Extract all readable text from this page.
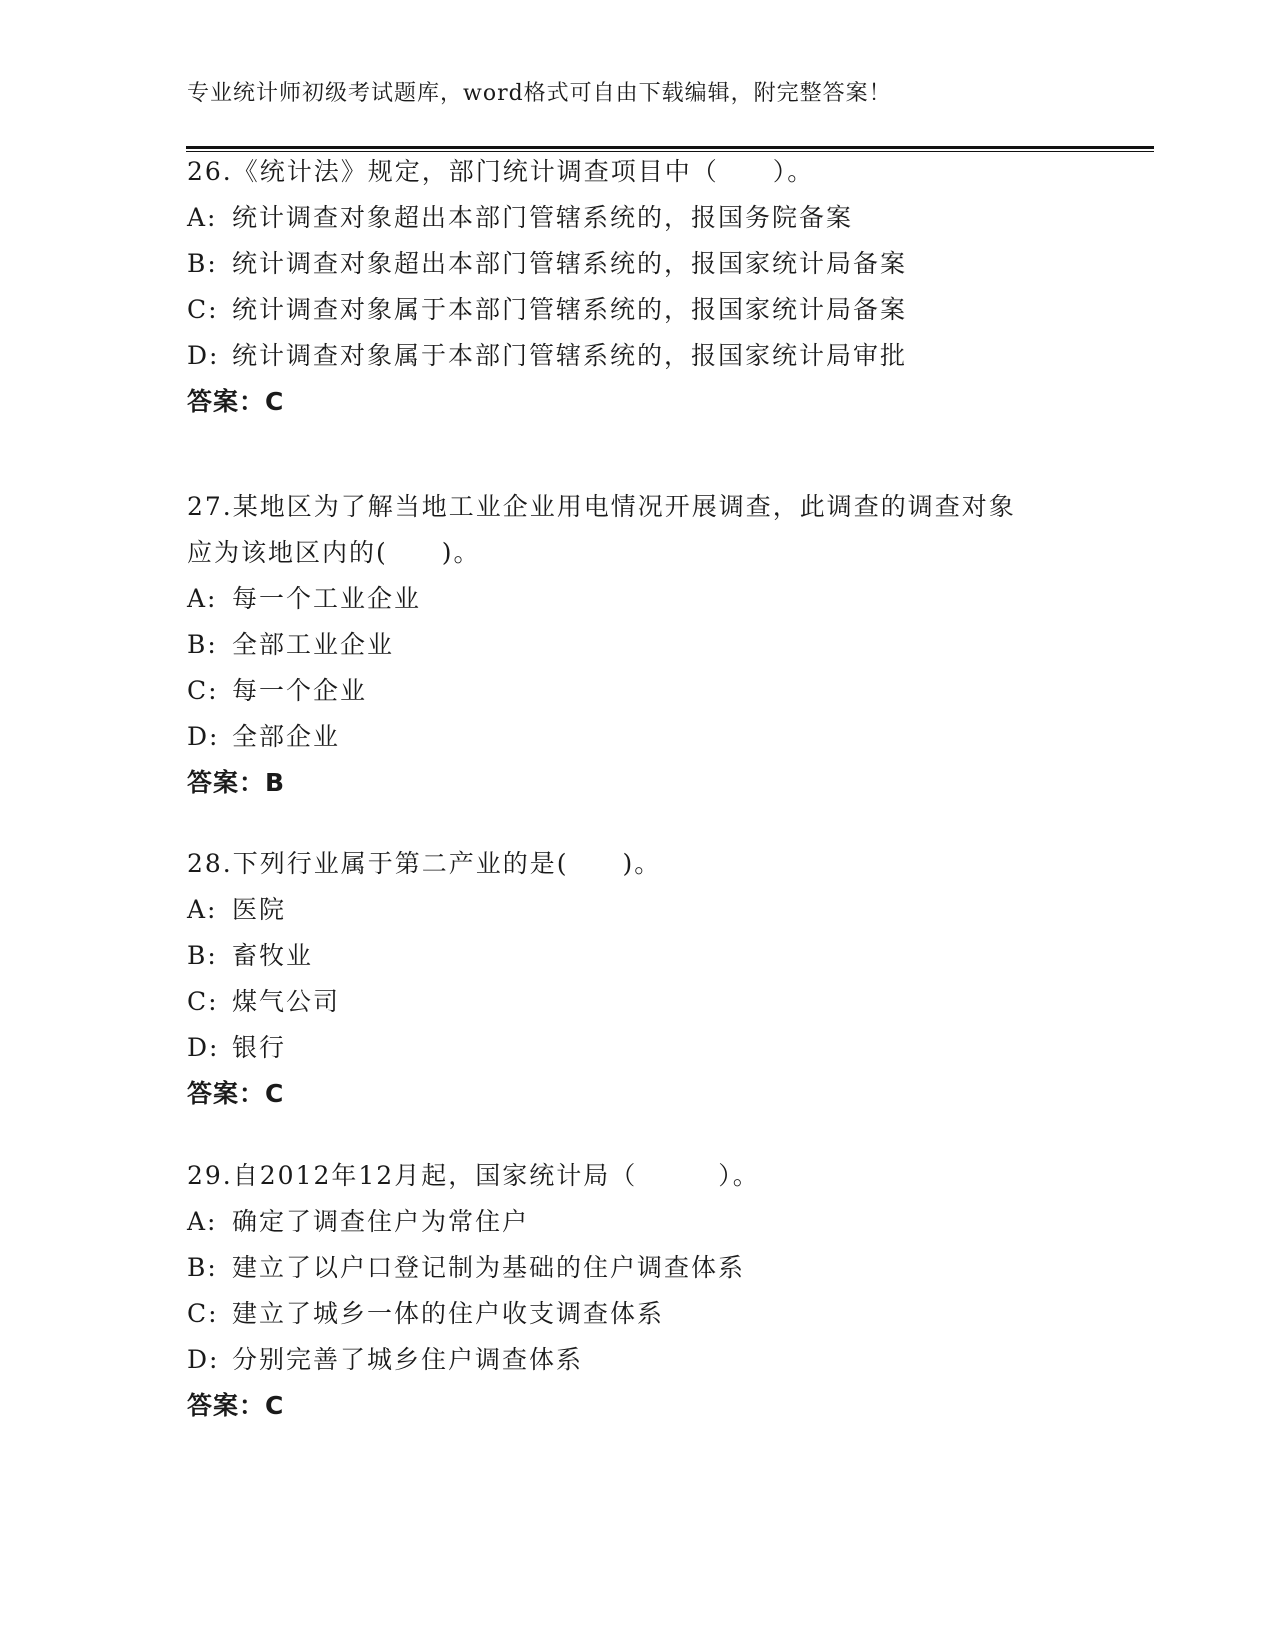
专业统计师初级考试题库，word格式可自由下载编辑，附完整答案！
26.《统计法》规定，部门统计调查项目中（　　）。
A: 统计调查对象超出本部门管辖系统的，报国务院备案
B: 统计调查对象超出本部门管辖系统的，报国家统计局备案
C: 统计调查对象属于本部门管辖系统的，报国家统计局备案
D: 统计调查对象属于本部门管辖系统的，报国家统计局审批
答案：C
27.某地区为了解当地工业企业用电情况开展调查，此调查的调查对象
应为该地区内的(　　)。
A: 每一个工业企业
B: 全部工业企业
C: 每一个企业
D: 全部企业
答案：B
28.下列行业属于第二产业的是(　　)。
A: 医院
B: 畜牧业
C: 煤气公司
D: 银行
答案：C
29.自2012年12月起，国家统计局（　　　）。
A: 确定了调查住户为常住户
B: 建立了以户口登记制为基础的住户调查体系
C: 建立了城乡一体的住户收支调查体系
D: 分别完善了城乡住户调查体系
答案：C
